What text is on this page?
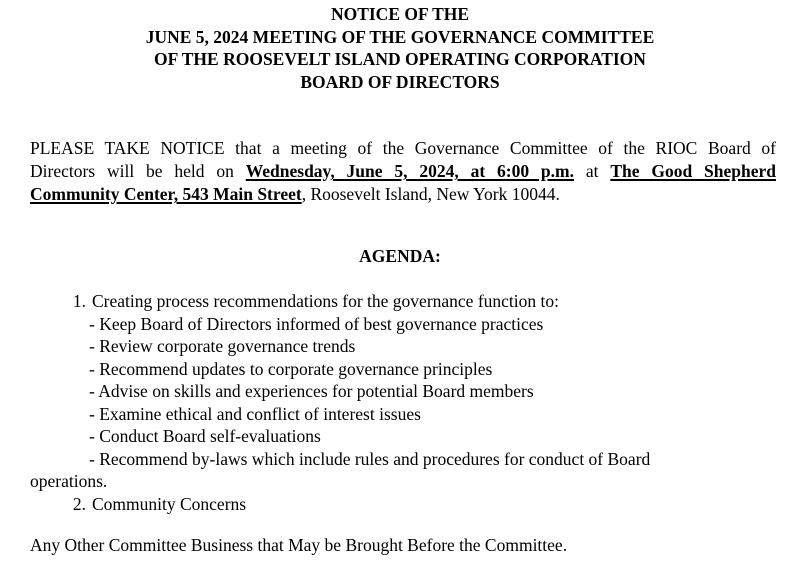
NOTICE OF THE
JUNE 5, 2024 MEETING OF THE GOVERNANCE COMMITTEE
OF THE ROOSEVELT ISLAND OPERATING CORPORATION
BOARD OF DIRECTORS
PLEASE TAKE NOTICE that a meeting of the Governance Committee of the RIOC Board of
Directors will be held on Wednesday, June 5, 2024, at 6:00 p.m. at The Good Shepherd
Community Center, 543 Main Street, Roosevelt Island, New York 10044.
AGENDA:
1. Creating process recommendations for the governance function to:
- Keep Board of Directors informed of best governance practices
- Review corporate governance trends
- Recommend updates to corporate governance principles
- Advise on skills and experiences for potential Board members
- Examine ethical and conflict of interest issues
- Conduct Board self-evaluations
- Recommend by-laws which include rules and procedures for conduct of Board
operations.
2. Community Concerns
Any Other Committee Business that May be Brought Before the Committee.
